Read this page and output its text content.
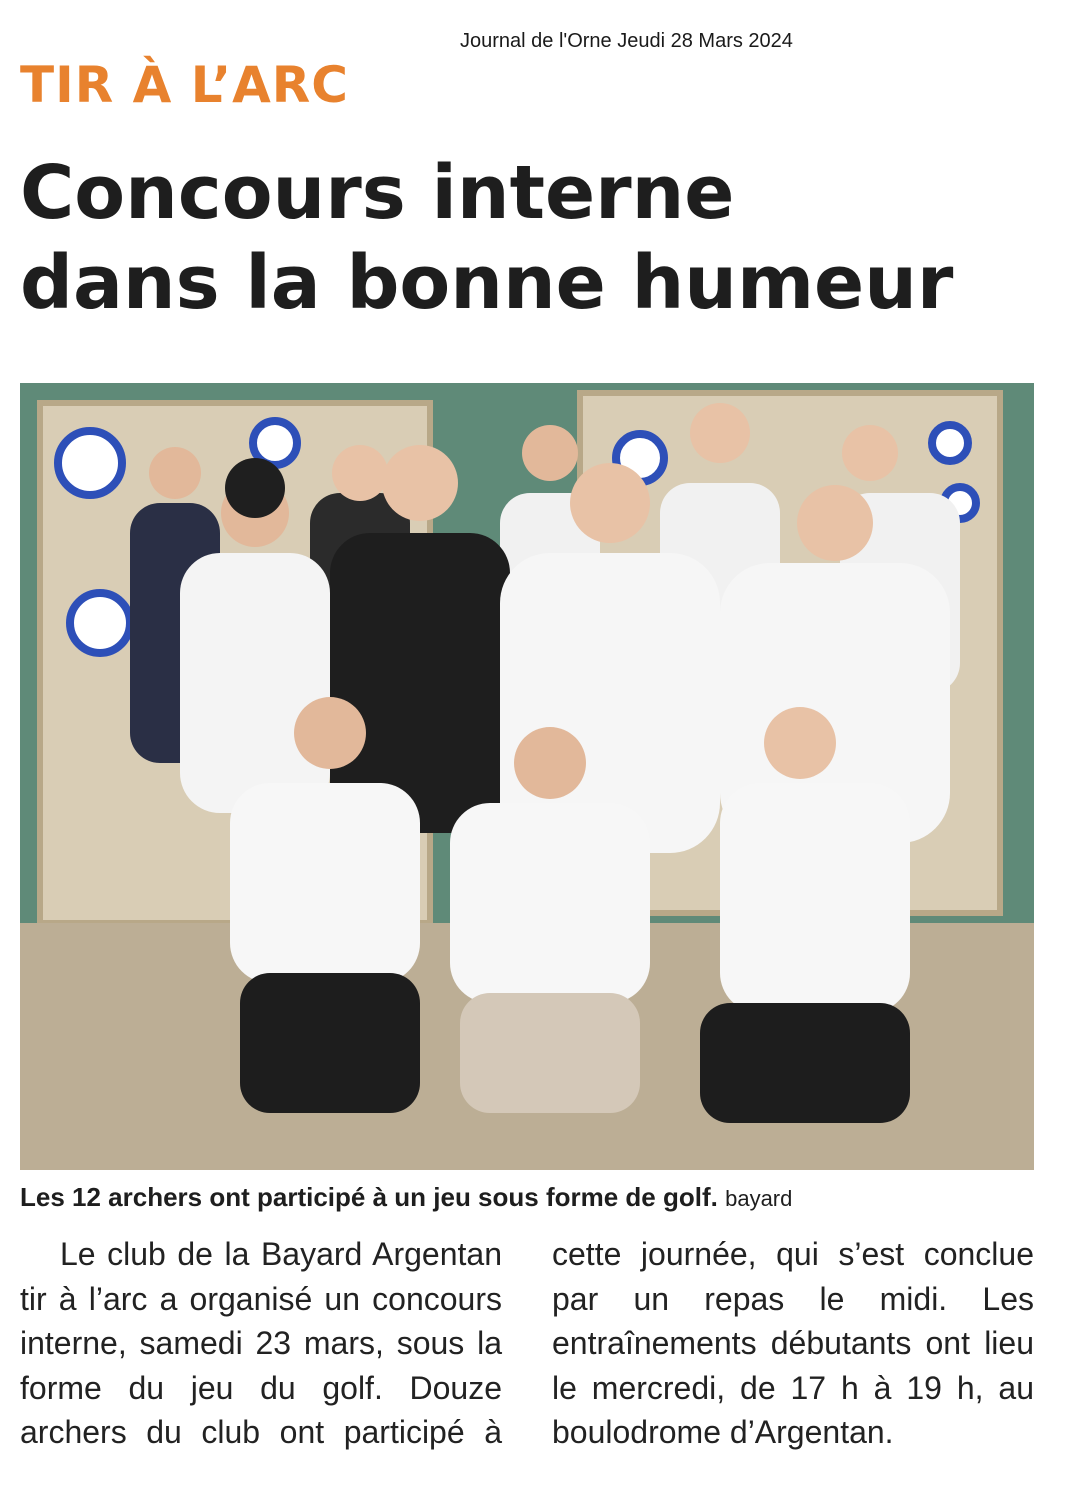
Journal de l'Orne Jeudi 28 Mars 2024
TIR À L’ARC
Concours interne
dans la bonne humeur
Les 12 archers ont participé à un jeu sous forme de golf. bayard

Le club de la Bayard Argentan tir à l’arc a organisé un concours interne, samedi 23 mars, sous la forme du jeu du golf. Douze archers du club ont participé à cette journée, qui s’est conclue par un repas le midi. Les entraînements débutants ont lieu le mercredi, de 17 h à 19 h, au boulodrome d’Argentan.
